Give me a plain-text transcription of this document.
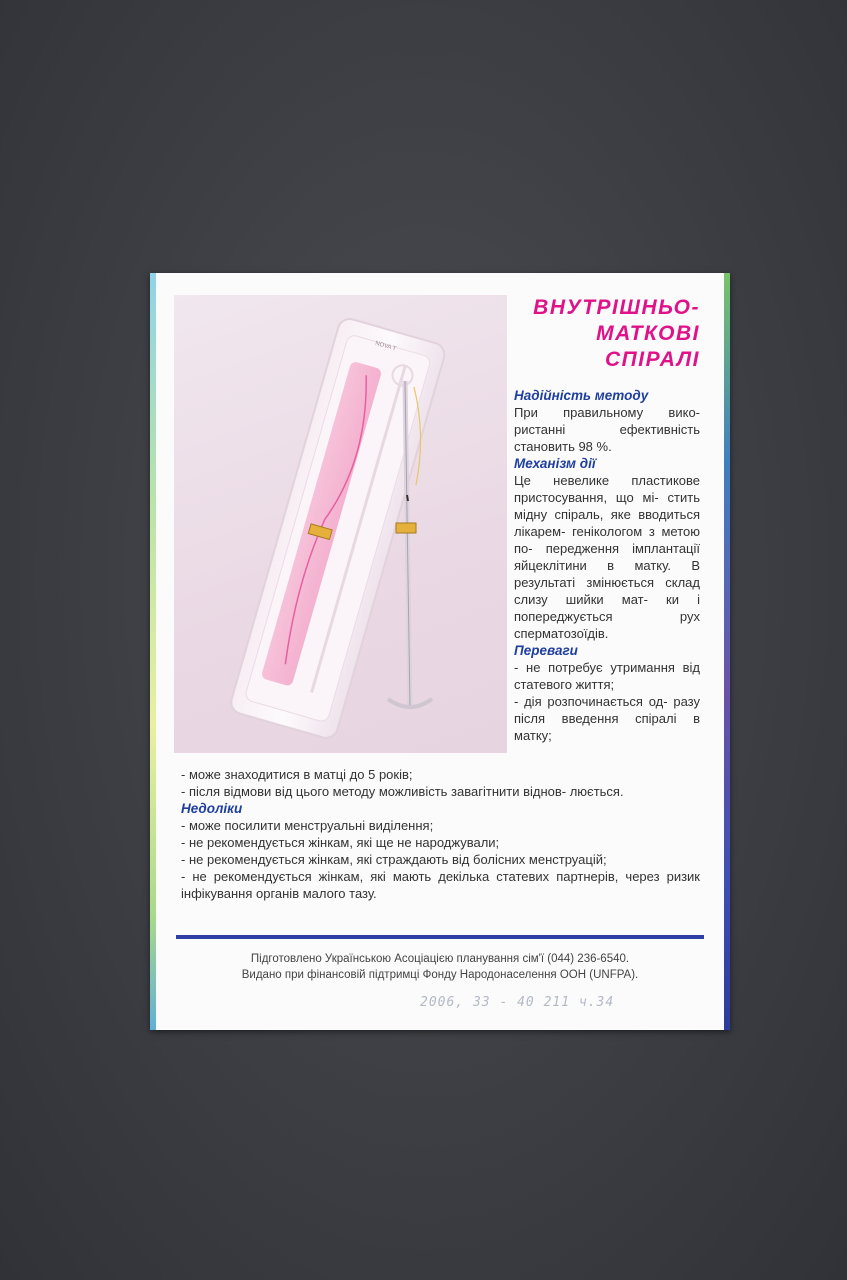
NOVA T
ВНУТРІШНЬО-
МАТКОВІ
СПІРАЛІ

Надійність методу

При правильному вико- ристанні ефективність становить 98 %.

Механізм дії

Це невелике пластикове пристосування, що мі- стить мідну спіраль, яке вводиться лікарем- генікологом з метою по- передження імплантації яйцеклітини в матку. В результаті змінюється склад слизу шийки мат- ки і попереджується рух сперматозоїдів.

Переваги

- не потребує утримання від статевого життя;

- дія розпочинається од- разу після введення спіралі в матку;

- може знаходитися в матці до 5 років;

- після відмови від цього методу можливість завагітнити віднов- люється.

Недоліки

- може посилити менструальні виділення;

- не рекомендується жінкам, які ще не народжували;

- не рекомендується жінкам, які страждають від болісних менструацій;

- не рекомендується жінкам, які мають декілька статевих партнерів, через ризик інфікування органів малого тазу.

Підготовлено Українською Асоціацією планування сім'ї (044) 236-6540.

Видано при фінансовій підтримці Фонду Народонаселення ООН (UNFPA).

2006, 33 - 40 211 ч.34
